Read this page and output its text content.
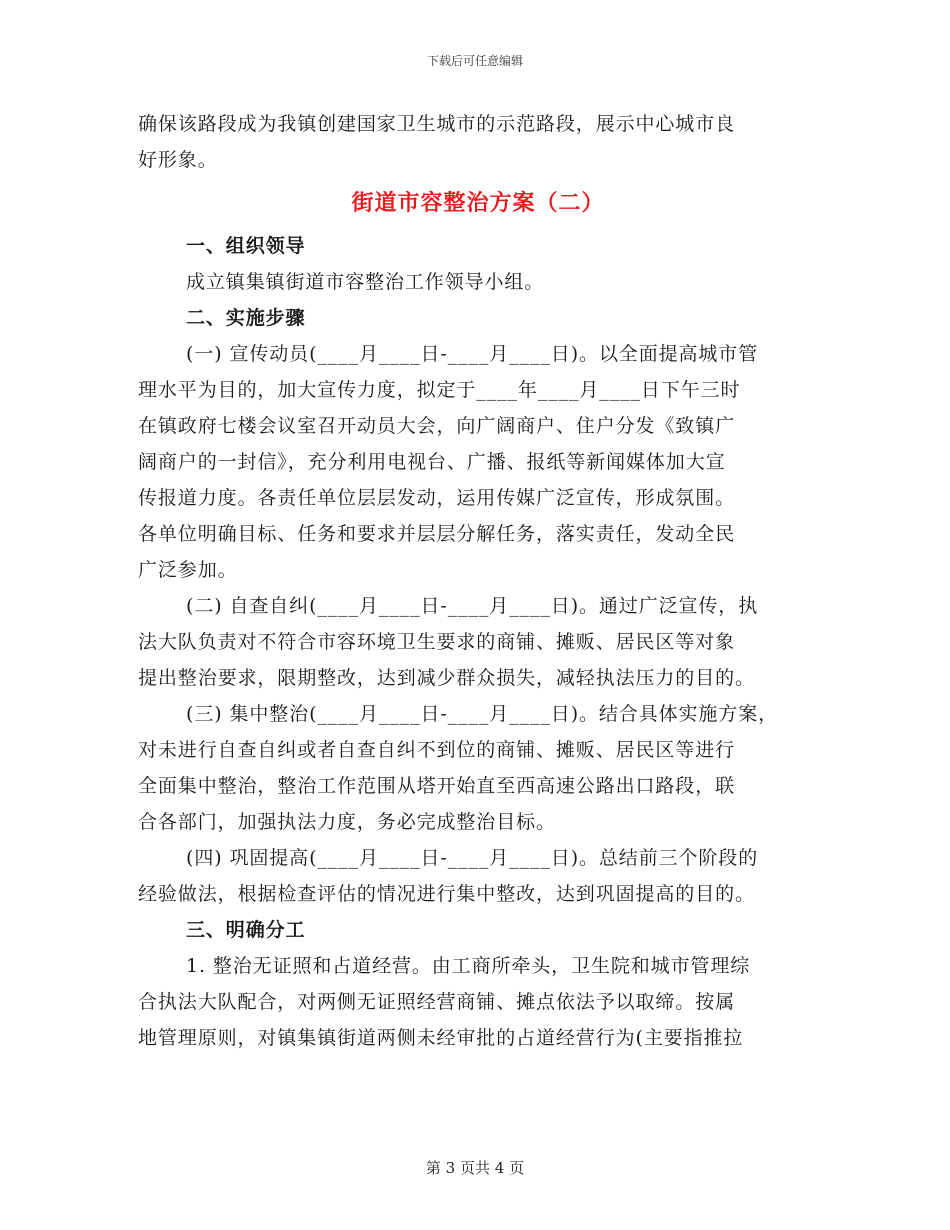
下载后可任意编辑
确保该路段成为我镇创建国家卫生城市的示范路段，展示中心城市良
好形象。
街道市容整治方案（二）
一、组织领导
成立镇集镇街道市容整治工作领导小组。
二、实施步骤
(一) 宣传动员(____月____日-____月____日)。以全面提高城市管
理水平为目的，加大宣传力度，拟定于____年____月____日下午三时
在镇政府七楼会议室召开动员大会，向广阔商户、住户分发《致镇广
阔商户的一封信》，充分利用电视台、广播、报纸等新闻媒体加大宣
传报道力度。各责任单位层层发动，运用传媒广泛宣传，形成氛围。
各单位明确目标、任务和要求并层层分解任务，落实责任，发动全民
广泛参加。
(二) 自查自纠(____月____日-____月____日)。通过广泛宣传，执
法大队负责对不符合市容环境卫生要求的商铺、摊贩、居民区等对象
提出整治要求，限期整改，达到减少群众损失，减轻执法压力的目的。
(三) 集中整治(____月____日-____月____日)。结合具体实施方案，
对未进行自查自纠或者自查自纠不到位的商铺、摊贩、居民区等进行
全面集中整治，整治工作范围从塔开始直至西高速公路出口路段，联
合各部门，加强执法力度，务必完成整治目标。
(四) 巩固提高(____月____日-____月____日)。总结前三个阶段的
经验做法，根据检查评估的情况进行集中整改，达到巩固提高的目的。
三、明确分工
1. 整治无证照和占道经营。由工商所牵头，卫生院和城市管理综
合执法大队配合，对两侧无证照经营商铺、摊点依法予以取缔。按属
地管理原则，对镇集镇街道两侧未经审批的占道经营行为(主要指推拉
第 3 页共 4 页
